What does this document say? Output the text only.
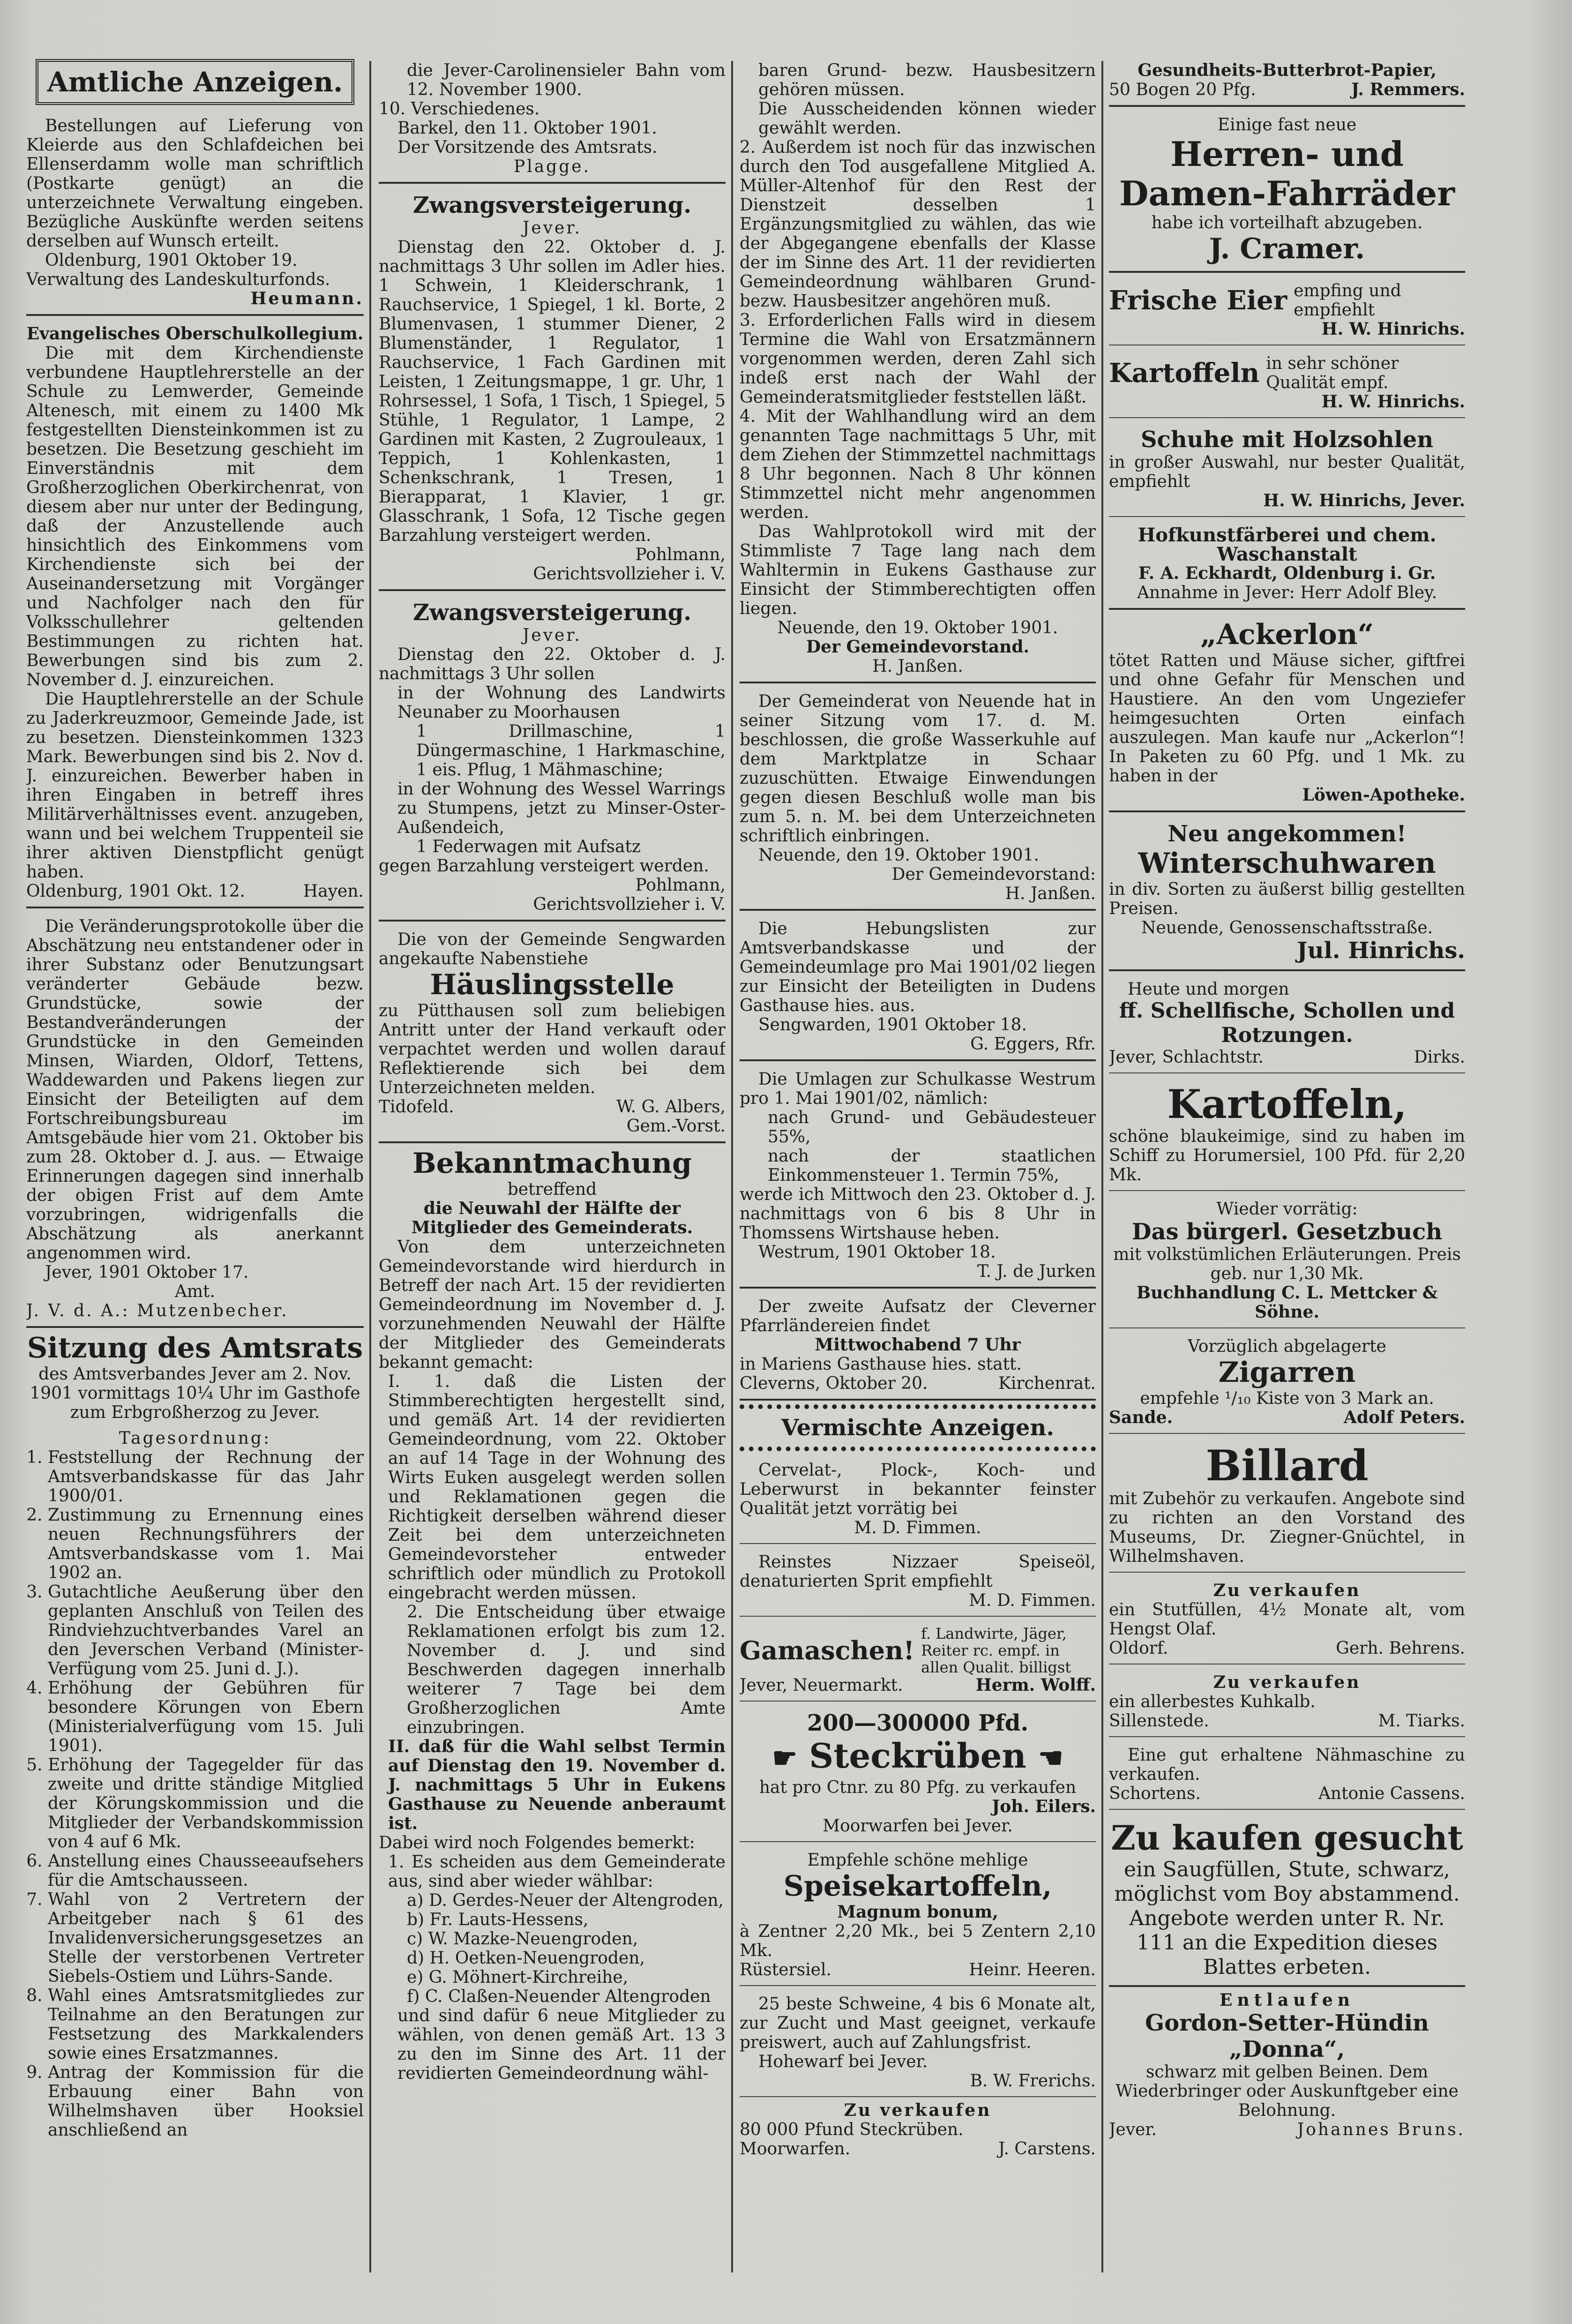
Amtliche Anzeigen.

Bestellungen auf Lieferung von Kleierde aus den Schlafdeichen bei Ellenserdamm wolle man schriftlich (Postkarte genügt) an die unterzeichnete Verwaltung eingeben. Bezügliche Auskünfte werden seitens derselben auf Wunsch erteilt.

Oldenburg, 1901 Oktober 19.

Verwaltung des Landeskulturfonds.

Heumann.

Evangelisches Oberschulkollegium.

Die mit dem Kirchendienste verbundene Hauptlehrerstelle an der Schule zu Lemwerder, Gemeinde Altenesch, mit einem zu 1400 Mk festgestellten Diensteinkommen ist zu besetzen. Die Besetzung geschieht im Einverständnis mit dem Großherzoglichen Oberkirchenrat, von diesem aber nur unter der Bedingung, daß der Anzustellende auch hinsichtlich des Einkommens vom Kirchendienste sich bei der Auseinandersetzung mit Vorgänger und Nachfolger nach den für Volksschullehrer geltenden Bestimmungen zu richten hat. Bewerbungen sind bis zum 2. November d. J. einzureichen.

Die Hauptlehrerstelle an der Schule zu Jaderkreuzmoor, Gemeinde Jade, ist zu besetzen. Diensteinkommen 1323 Mark. Bewerbungen sind bis 2. Nov d. J. einzureichen. Bewerber haben in ihren Eingaben in betreff ihres Militärverhältnisses event. anzugeben, wann und bei welchem Truppenteil sie ihrer aktiven Dienstpflicht genügt haben.

Oldenburg, 1901 Okt. 12.	Hayen.

Die Veränderungsprotokolle über die Abschätzung neu entstandener oder in ihrer Substanz oder Benutzungsart veränderter Gebäude bezw. Grundstücke, sowie der Bestandveränderungen der Grundstücke in den Gemeinden Minsen, Wiarden, Oldorf, Tettens, Waddewarden und Pakens liegen zur Einsicht der Beteiligten auf dem Fortschreibungsbureau im Amtsgebäude hier vom 21. Oktober bis zum 28. Oktober d. J. aus. — Etwaige Erinnerungen dagegen sind innerhalb der obigen Frist auf dem Amte vorzubringen, widrigenfalls die Abschätzung als anerkannt angenommen wird.

Jever, 1901 Oktober 17.

Amt.

J. V. d. A.: Mutzenbecher.

Sitzung des Amtsrats

des Amtsverbandes Jever am 2. Nov. 1901 vormittags 10¼ Uhr im Gasthofe zum Erbgroßherzog zu Jever.

Tagesordnung:

1. Feststellung der Rechnung der Amtsverbandskasse für das Jahr 1900/01.
2. Zustimmung zu Ernennung eines neuen Rechnungsführers der Amtsverbandskasse vom 1. Mai 1902 an.
3. Gutachtliche Aeußerung über den geplanten Anschluß von Teilen des Rindviehzuchtverbandes Varel an den Jeverschen Verband (Minister-Verfügung vom 25. Juni d. J.).
4. Erhöhung der Gebühren für besondere Körungen von Ebern (Ministerialverfügung vom 15. Juli 1901).
5. Erhöhung der Tagegelder für das zweite und dritte ständige Mitglied der Körungskommission und die Mitglieder der Verbandskommission von 4 auf 6 Mk.
6. Anstellung eines Chausseeaufsehers für die Amtschausseen.
7. Wahl von 2 Vertretern der Arbeitgeber nach § 61 des Invalidenversicherungsgesetzes an Stelle der verstorbenen Vertreter Siebels-Ostiem und Lührs-Sande.
8. Wahl eines Amtsratsmitgliedes zur Teilnahme an den Beratungen zur Festsetzung des Markkalenders sowie eines Ersatzmannes.
9. Antrag der Kommission für die Erbauung einer Bahn von Wilhelmshaven über Hooksiel anschließend an

die Jever-Carolinensieler Bahn vom 12. November 1900.

10. Verschiedenes.

Barkel, den 11. Oktober 1901.

Der Vorsitzende des Amtsrats.

Plagge.

Zwangsversteigerung.

Jever.

Dienstag den 22. Oktober d. J. nachmittags 3 Uhr sollen im Adler hies. 1 Schwein, 1 Kleiderschrank, 1 Rauchservice, 1 Spiegel, 1 kl. Borte, 2 Blumenvasen, 1 stummer Diener, 2 Blumenständer, 1 Regulator, 1 Rauchservice, 1 Fach Gardinen mit Leisten, 1 Zeitungsmappe, 1 gr. Uhr, 1 Rohrsessel, 1 Sofa, 1 Tisch, 1 Spiegel, 5 Stühle, 1 Regulator, 1 Lampe, 2 Gardinen mit Kasten, 2 Zugrouleaux, 1 Teppich, 1 Kohlenkasten, 1 Schenkschrank, 1 Tresen, 1 Bierapparat, 1 Klavier, 1 gr. Glasschrank, 1 Sofa, 12 Tische gegen Barzahlung versteigert werden.

Pohlmann,

Gerichtsvollzieher i. V.

Zwangsversteigerung.

Jever.

Dienstag den 22. Oktober d. J. nachmittags 3 Uhr sollen

in der Wohnung des Landwirts Neunaber zu Moorhausen

1 Drillmaschine, 1 Düngermaschine, 1 Harkmaschine, 1 eis. Pflug, 1 Mähmaschine;

in der Wohnung des Wessel Warrings zu Stumpens, jetzt zu Minser-Oster-Außendeich,

1 Federwagen mit Aufsatz

gegen Barzahlung versteigert werden.

Pohlmann,

Gerichtsvollzieher i. V.

Die von der Gemeinde Sengwarden angekaufte Nabenstiehe

Häuslingsstelle

zu Pütthausen soll zum beliebigen Antritt unter der Hand verkauft oder verpachtet werden und wollen darauf Reflektierende sich bei dem Unterzeichneten melden.

Tidofeld.	W. G. Albers,

Gem.-Vorst.

Bekanntmachung

betreffend

die Neuwahl der Hälfte der Mitglieder des Gemeinderats.

Von dem unterzeichneten Gemeindevorstande wird hierdurch in Betreff der nach Art. 15 der revidierten Gemeindeordnung im November d. J. vorzunehmenden Neuwahl der Hälfte der Mitglieder des Gemeinderats bekannt gemacht:

I. 1. daß die Listen der Stimmberechtigten hergestellt sind, und gemäß Art. 14 der revidierten Gemeindeordnung, vom 22. Oktober an auf 14 Tage in der Wohnung des Wirts Euken ausgelegt werden sollen und Reklamationen gegen die Richtigkeit derselben während dieser Zeit bei dem unterzeichneten Gemeindevorsteher entweder schriftlich oder mündlich zu Protokoll eingebracht werden müssen.

2. Die Entscheidung über etwaige Reklamationen erfolgt bis zum 12. November d. J. und sind Beschwerden dagegen innerhalb weiterer 7 Tage bei dem Großherzoglichen Amte einzubringen.

II. daß für die Wahl selbst Termin auf Dienstag den 19. November d. J. nachmittags 5 Uhr in Eukens Gasthause zu Neuende anberaumt ist.

Dabei wird noch Folgendes bemerkt:

1. Es scheiden aus dem Gemeinderate aus, sind aber wieder wählbar:

a) D. Gerdes-Neuer der Altengroden,

b) Fr. Lauts-Hessens,

c) W. Mazke-Neuengroden,

d) H. Oetken-Neuengroden,

e) G. Möhnert-Kirchreihe,

f) C. Claßen-Neuender Altengroden

und sind dafür 6 neue Mitglieder zu wählen, von denen gemäß Art. 13 3 zu den im Sinne des Art. 11 der revidierten Gemeindeordnung wähl-

baren Grund- bezw. Hausbesitzern gehören müssen.

Die Ausscheidenden können wieder gewählt werden.

2. Außerdem ist noch für das inzwischen durch den Tod ausgefallene Mitglied A. Müller-Altenhof für den Rest der Dienstzeit desselben 1 Ergänzungsmitglied zu wählen, das wie der Abgegangene ebenfalls der Klasse der im Sinne des Art. 11 der revidierten Gemeindeordnung wählbaren Grund- bezw. Hausbesitzer angehören muß.

3. Erforderlichen Falls wird in diesem Termine die Wahl von Ersatzmännern vorgenommen werden, deren Zahl sich indeß erst nach der Wahl der Gemeinderatsmitglieder feststellen läßt.

4. Mit der Wahlhandlung wird an dem genannten Tage nachmittags 5 Uhr, mit dem Ziehen der Stimmzettel nachmittags 8 Uhr begonnen. Nach 8 Uhr können Stimmzettel nicht mehr angenommen werden.

Das Wahlprotokoll wird mit der Stimmliste 7 Tage lang nach dem Wahltermin in Eukens Gasthause zur Einsicht der Stimmberechtigten offen liegen.

Neuende, den 19. Oktober 1901.

Der Gemeindevorstand.

H. Janßen.

Der Gemeinderat von Neuende hat in seiner Sitzung vom 17. d. M. beschlossen, die große Wasserkuhle auf dem Marktplatze in Schaar zuzuschütten. Etwaige Einwendungen gegen diesen Beschluß wolle man bis zum 5. n. M. bei dem Unterzeichneten schriftlich einbringen.

Neuende, den 19. Oktober 1901.

Der Gemeindevorstand:

H. Janßen.

Die Hebungslisten zur Amtsverbandskasse und der Gemeindeumlage pro Mai 1901/02 liegen zur Einsicht der Beteiligten in Dudens Gasthause hies. aus.

Sengwarden, 1901 Oktober 18.

G. Eggers, Rfr.

Die Umlagen zur Schulkasse Westrum pro 1. Mai 1901/02, nämlich:

nach Grund- und Gebäudesteuer 55%,

nach der staatlichen Einkommensteuer 1. Termin 75%,

werde ich Mittwoch den 23. Oktober d. J. nachmittags von 6 bis 8 Uhr in Thomssens Wirtshause heben.

Westrum, 1901 Oktober 18.

T. J. de Jurken

Der zweite Aufsatz der Cleverner Pfarrländereien findet

Mittwochabend 7 Uhr

in Mariens Gasthause hies. statt.

Cleverns, Oktober 20.	Kirchenrat.
Vermischte Anzeigen.

Cervelat-, Plock-, Koch- und Leberwurst in bekannter feinster Qualität jetzt vorrätig bei

M. D. Fimmen.

Reinstes Nizzaer Speiseöl, denaturierten Sprit empfiehlt

M. D. Fimmen.

Gamaschen!
f. Landwirte, Jäger, Reiter rc. empf. in allen Qualit. billigst
Jever, Neuermarkt.	Herm. Wolff.
200—300000 Pfd.
☛ Steckrüben ☚

hat pro Ctnr. zu 80 Pfg. zu verkaufen

Joh. Eilers.

Moorwarfen bei Jever.

Empfehle schöne mehlige

Speisekartoffeln,

Magnum bonum,

à Zentner 2,20 Mk., bei 5 Zentern 2,10 Mk.

Rüstersiel.	Heinr. Heeren.

25 beste Schweine, 4 bis 6 Monate alt, zur Zucht und Mast geeignet, verkaufe preiswert, auch auf Zahlungsfrist.

Hohewarf bei Jever.

B. W. Frerichs.

Zu verkaufen

80 000 Pfund Steckrüben.

Moorwarfen.	J. Carstens.

Gesundheits-Butterbrot-Papier,

50 Bogen 20 Pfg.	J. Remmers.

Einige fast neue

Herren- und
Damen-Fahrräder

habe ich vorteilhaft abzugeben.

J. Cramer.
Frische Eier empfing und empfiehlt

H. W. Hinrichs.

Kartoffeln in sehr schöner Qualität empf.

H. W. Hinrichs.

Schuhe mit Holzsohlen

in großer Auswahl, nur bester Qualität, empfiehlt

H. W. Hinrichs, Jever.

Hofkunstfärberei und chem. Waschanstalt

F. A. Eckhardt, Oldenburg i. Gr.

Annahme in Jever: Herr Adolf Bley.

„Ackerlon“

tötet Ratten und Mäuse sicher, giftfrei und ohne Gefahr für Menschen und Haustiere. An den vom Ungeziefer heimgesuchten Orten einfach auszulegen. Man kaufe nur „Ackerlon“! In Paketen zu 60 Pfg. und 1 Mk. zu haben in der

Löwen-Apotheke.

Neu angekommen!
Winterschuhwaren

in div. Sorten zu äußerst billig gestellten Preisen.

Neuende, Genossenschaftsstraße.

Jul. Hinrichs.

Heute und morgen

ff. Schellfische, Schollen und Rotzungen.

Jever, Schlachtstr.	Dirks.
Kartoffeln,

schöne blaukeimige, sind zu haben im Schiff zu Horumersiel, 100 Pfd. für 2,20 Mk.

Wieder vorrätig:

Das bürgerl. Gesetzbuch

mit volkstümlichen Erläuterungen. Preis geb. nur 1,30 Mk.

Buchhandlung C. L. Mettcker & Söhne.

Vorzüglich abgelagerte

Zigarren

empfehle ¹/₁₀ Kiste von 3 Mark an.

Sande.	Adolf Peters.
Billard

mit Zubehör zu verkaufen. Angebote sind zu richten an den Vorstand des Museums, Dr. Ziegner-Gnüchtel, in Wilhelmshaven.

Zu verkaufen

ein Stutfüllen, 4½ Monate alt, vom Hengst Olaf.

Oldorf.	Gerh. Behrens.

Zu verkaufen

ein allerbestes Kuhkalb.

Sillenstede.	M. Tiarks.

Eine gut erhaltene Nähmaschine zu verkaufen.

Schortens.	Antonie Cassens.
Zu kaufen gesucht

ein Saugfüllen, Stute, schwarz, möglichst vom Boy abstammend. Angebote werden unter R. Nr. 111 an die Expedition dieses Blattes erbeten.

Entlaufen

Gordon-Setter-Hündin „Donna“,

schwarz mit gelben Beinen. Dem Wiederbringer oder Auskunftgeber eine Belohnung.

Jever.	Johannes Bruns.
